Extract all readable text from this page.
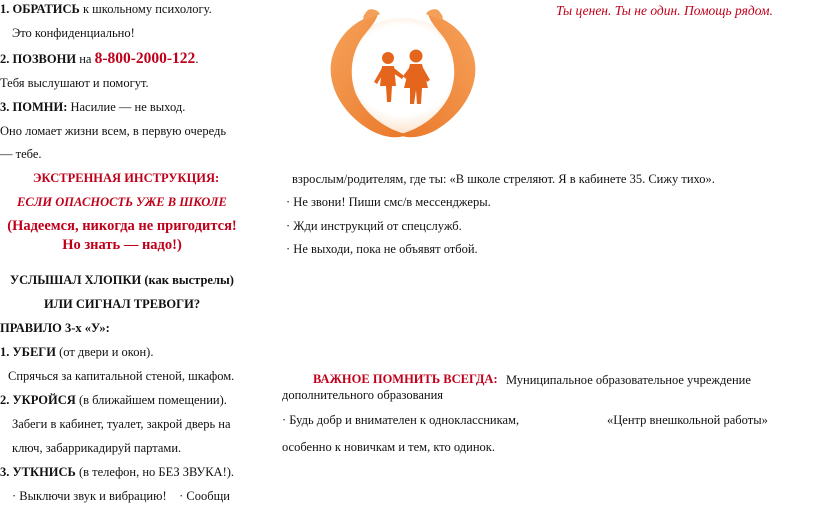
1. ОБРАТИСЬ к школьному психологу.
Это конфиденциально!
2. ПОЗВОНИ на 8-800-2000-122.
Тебя выслушают и помогут.
3. ПОМНИ: Насилие — не выход.
Оно ломает жизни всем, в первую очередь
— тебе.
ЭКСТРЕННАЯ ИНСТРУКЦИЯ:
ЕСЛИ ОПАСНОСТЬ УЖЕ В ШКОЛЕ
(Надеемся, никогда не пригодится!
Но знать — надо!)
УСЛЫШАЛ ХЛОПКИ (как выстрелы)
ИЛИ СИГНАЛ ТРЕВОГИ?
ПРАВИЛО 3-х «У»:
1. УБЕГИ (от двери и окон).
Спрячься за капитальной стеной, шкафом.
2. УКРОЙСЯ (в ближайшем помещении).
Забеги в кабинет, туалет, закрой дверь на
ключ, забаррикадируй партами.
3. УТКНИСЬ (в телефон, но БЕЗ ЗВУКА!).
· Выключи звук и вибрацию!    · Сообщи
взрослым/родителям, где ты: «В школе стреляют. Я в кабинете 35. Сижу тихо».
· Не звони! Пиши смс/в мессенджеры.
· Жди инструкций от спецслужб.
· Не выходи, пока не объявят отбой.
ВАЖНОЕ ПОМНИТЬ ВСЕГДА: Муниципальное образовательное учреждение
дополнительного образования
· Будь добр и внимателен к одноклассникам,	«Центр внешкольной работы»
особенно к новичкам и тем, кто одинок.
Ты ценен. Ты не один. Помощь рядом.
